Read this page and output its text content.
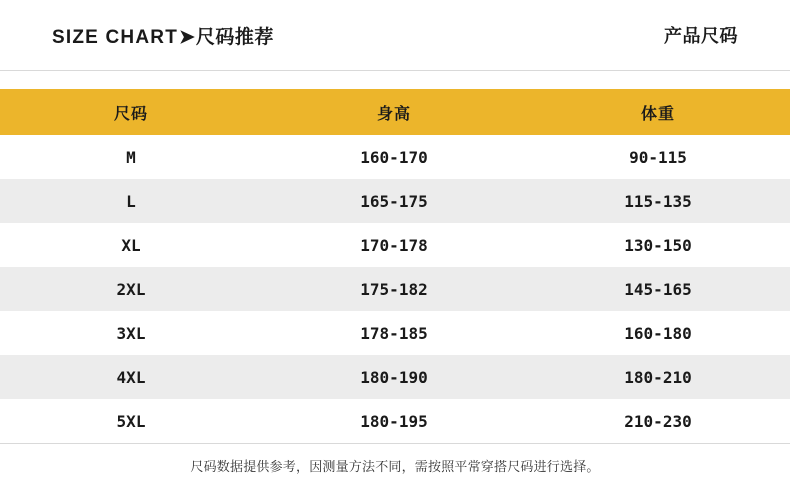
SIZE CHART ➤ 尺码推荐	产品尺码
尺码	身高	体重
M	160-170	90-115
L	165-175	115-135
XL	170-178	130-150
2XL	175-182	145-165
3XL	178-185	160-180
4XL	180-190	180-210
5XL	180-195	210-230
尺码数据提供参考，因测量方法不同，需按照平常穿搭尺码进行选择。
